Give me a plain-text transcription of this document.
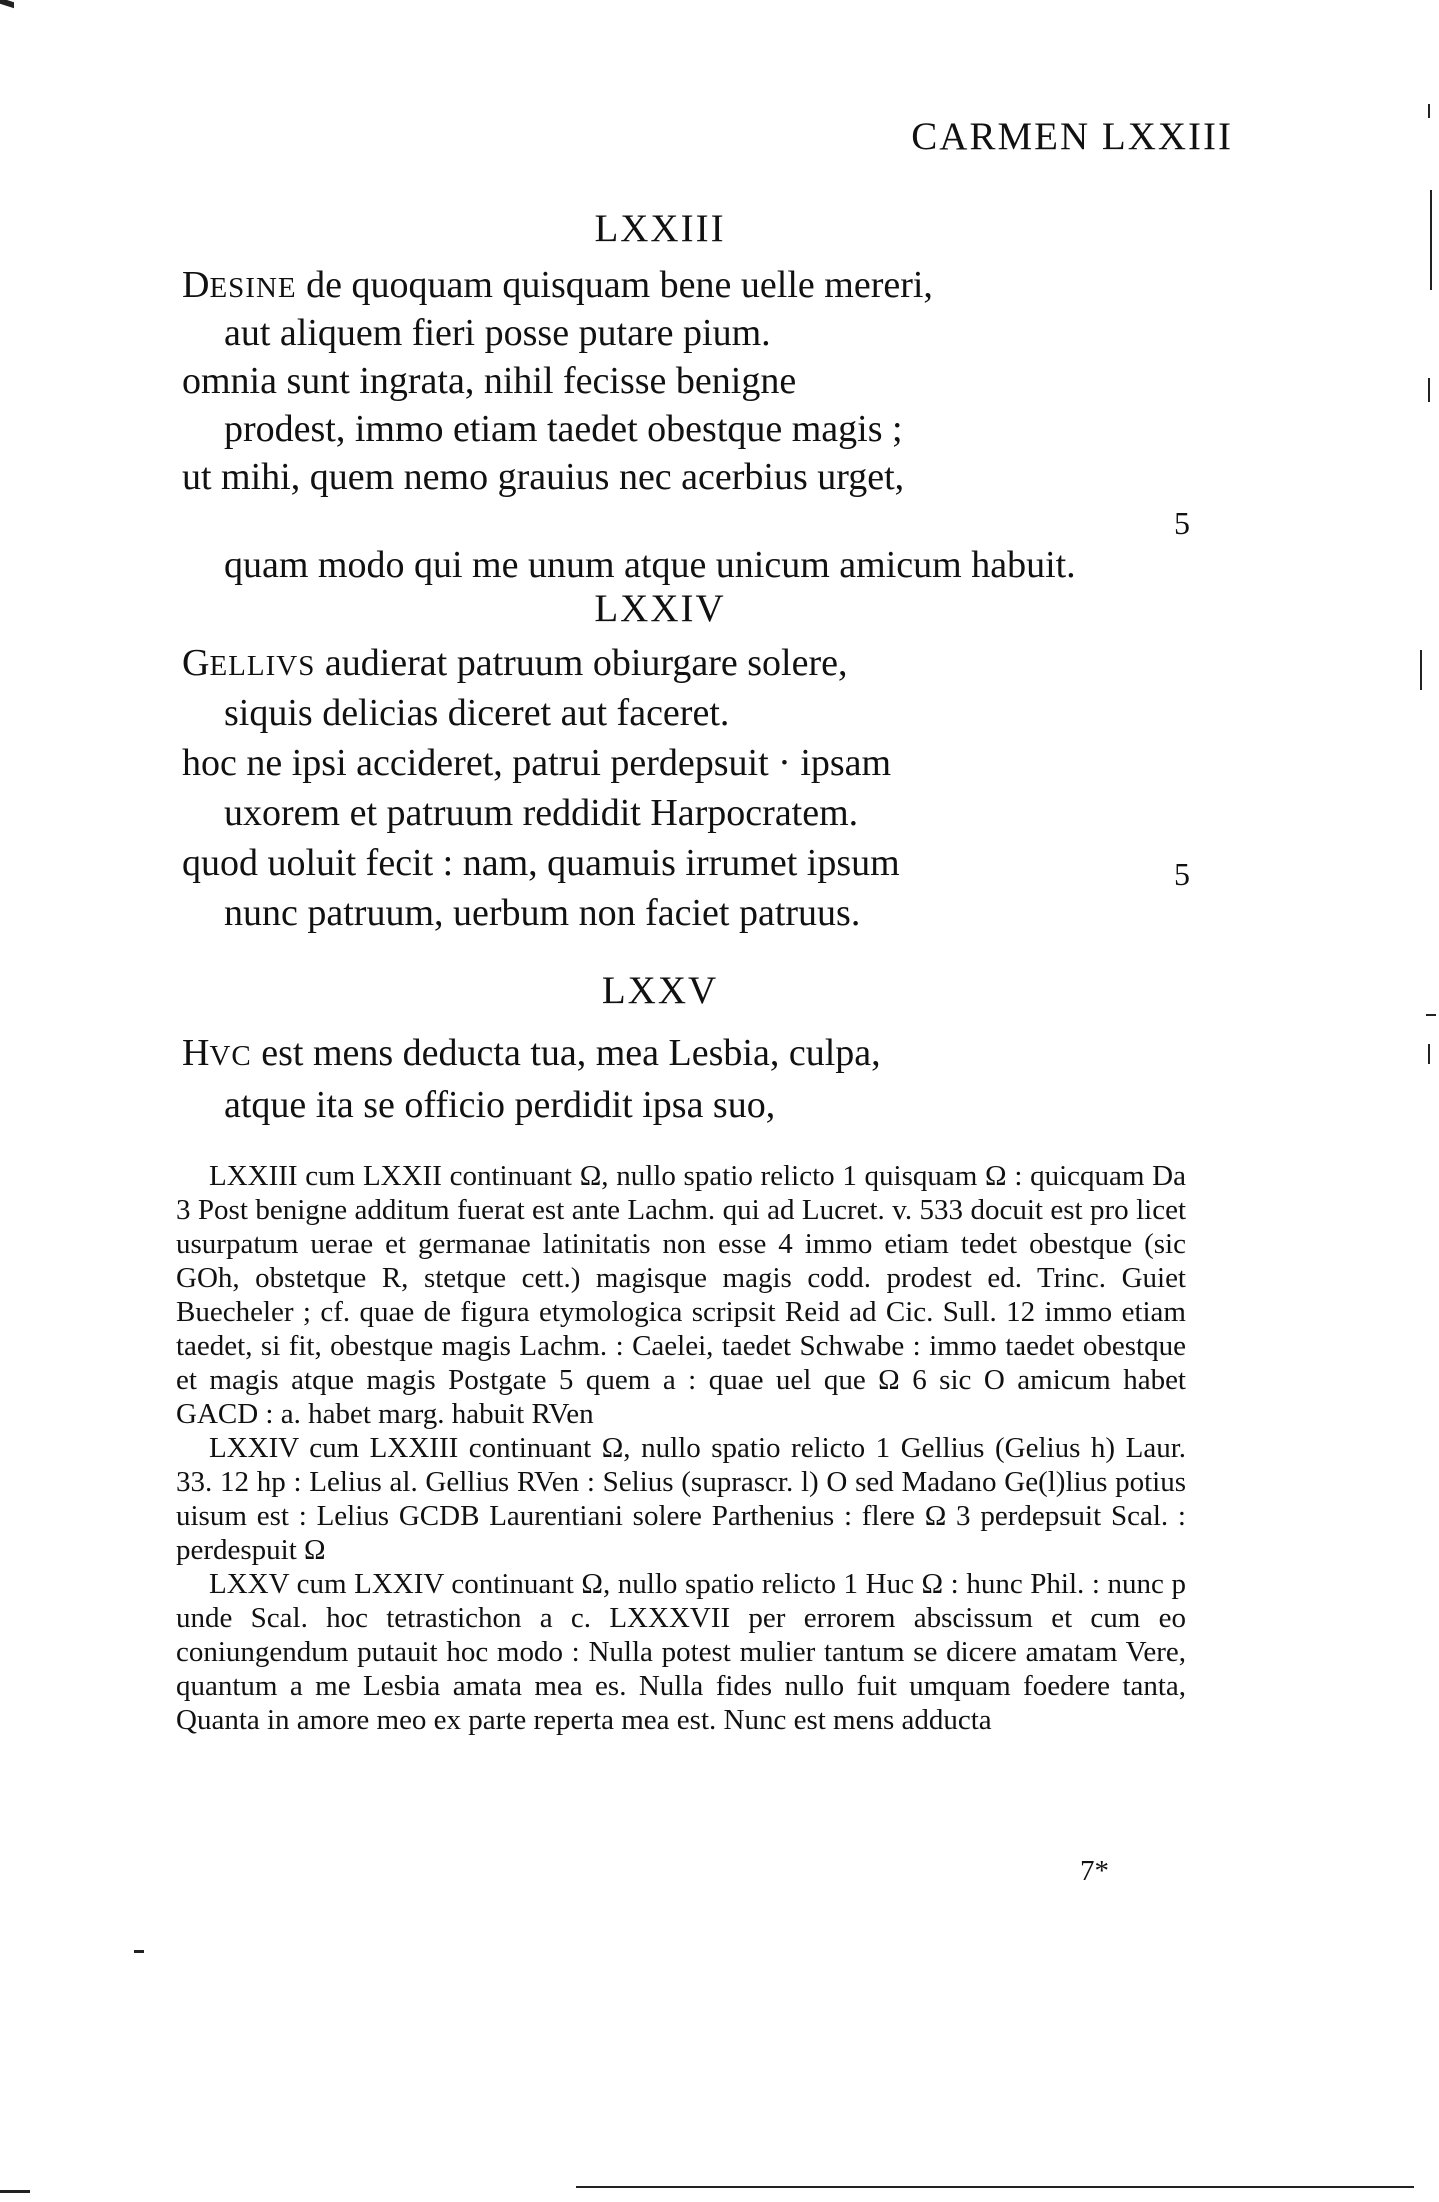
CARMEN LXXIII
LXXIII
DESINE de quoquam quisquam bene uelle mereri,
aut aliquem fieri posse putare pium.
omnia sunt ingrata, nihil fecisse benigne
prodest, immo etiam taedet obestque magis ;
ut mihi, quem nemo grauius nec acerbius urget,
5
quam modo qui me unum atque unicum amicum habuit.
LXXIV
GELLIVS audierat patruum obiurgare solere,
siquis delicias diceret aut faceret.
hoc ne ipsi accideret, patrui perdepsuit · ipsam
uxorem et patruum reddidit Harpocratem.
quod uoluit fecit : nam, quamuis irrumet ipsum	5
nunc patruum, uerbum non faciet patruus.
LXXV
HVC est mens deducta tua, mea Lesbia, culpa,
atque ita se officio perdidit ipsa suo,

LXXIII cum LXXII continuant Ω, nullo spatio relicto 1 quisquam Ω : quicquam Da 3 Post benigne additum fuerat est ante Lachm. qui ad Lucret. v. 533 docuit est pro licet usurpatum uerae et germanae latinitatis non esse 4 immo etiam tedet obestque (sic GOh, obstetque R, stetque cett.) magisque magis codd. prodest ed. Trinc. Guiet Buecheler ; cf. quae de figura etymologica scripsit Reid ad Cic. Sull. 12 immo etiam taedet, si fit, obestque magis Lachm. : Caelei, taedet Schwabe : immo taedet obestque et magis atque magis Postgate 5 quem a : quae uel que Ω 6 sic O amicum habet GACD : a. habet marg. habuit RVen

LXXIV cum LXXIII continuant Ω, nullo spatio relicto 1 Gellius (Gelius h) Laur. 33. 12 hp : Lelius al. Gellius RVen : Selius (suprascr. l) O sed Madano Ge(l)lius potius uisum est : Lelius GCDB Laurentiani solere Parthenius : flere Ω 3 perdepsuit Scal. : perdespuit Ω

LXXV cum LXXIV continuant Ω, nullo spatio relicto 1 Huc Ω : hunc Phil. : nunc p unde Scal. hoc tetrastichon a c. LXXXVII per errorem abscissum et cum eo coniungendum putauit hoc modo : Nulla potest mulier tantum se dicere amatam Vere, quantum a me Lesbia amata mea es. Nulla fides nullo fuit umquam foedere tanta, Quanta in amore meo ex parte reperta mea est. Nunc est mens adducta

7*
